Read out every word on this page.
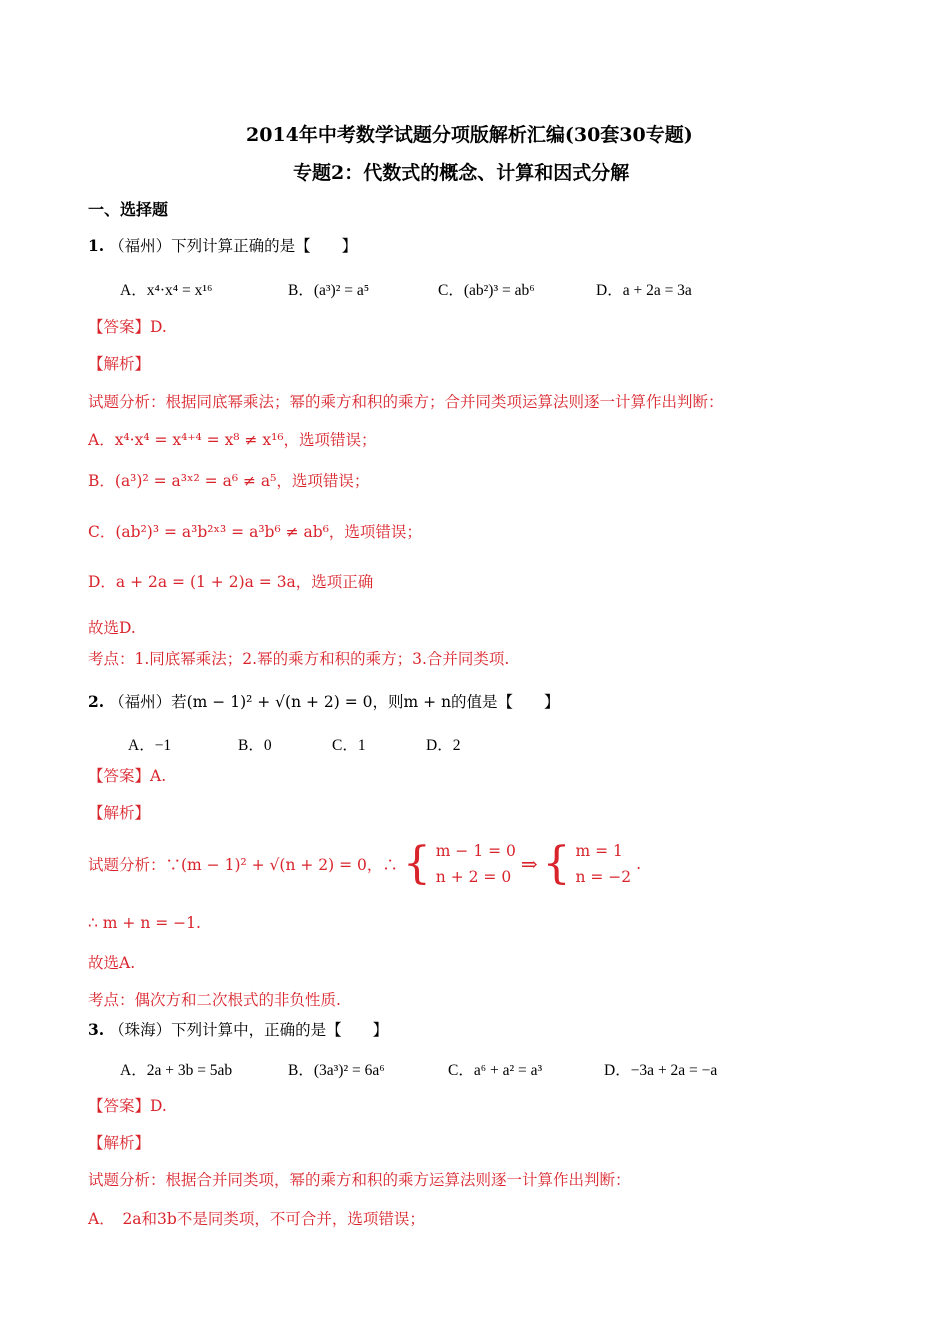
2014年中考数学试题分项版解析汇编(30套30专题)
专题2：代数式的概念、计算和因式分解
一、选择题
1. （福州）下列计算正确的是【　　】
A．x⁴·x⁴ = x¹⁶	B．(a³)² = a⁵	C．(ab²)³ = ab⁶	D．a + 2a = 3a
【答案】D.
【解析】
试题分析：根据同底幂乘法；幂的乘方和积的乘方；合并同类项运算法则逐一计算作出判断：
A．x⁴·x⁴ = x⁴⁺⁴ = x⁸ ≠ x¹⁶，选项错误；
B．(a³)² = a³ˣ² = a⁶ ≠ a⁵，选项错误；
C．(ab²)³ = a³b²ˣ³ = a³b⁶ ≠ ab⁶，选项错误；
D．a + 2a = (1 + 2)a = 3a，选项正确
故选D.
考点：1.同底幂乘法；2.幂的乘方和积的乘方；3.合并同类项.
2. （福州）若(m − 1)² + √(n + 2) = 0，则m + n的值是【　　】
A．−1	B．0	C．1	D．2
【答案】A.
【解析】
试题分析：∵(m − 1)² + √(n + 2) = 0，∴ { m − 1 = 0
n + 2 = 0 ⇒ { m = 1
n = −2 .
∴ m + n = −1.
故选A.
考点：偶次方和二次根式的非负性质.
3. （珠海）下列计算中，正确的是【　　】
A．2a + 3b = 5ab	B．(3a³)² = 6a⁶	C．a⁶ + a² = a³	D．−3a + 2a = −a
【答案】D.
【解析】
试题分析：根据合并同类项，幂的乘方和积的乘方运算法则逐一计算作出判断：
A．　2a和3b不是同类项，不可合并，选项错误；
